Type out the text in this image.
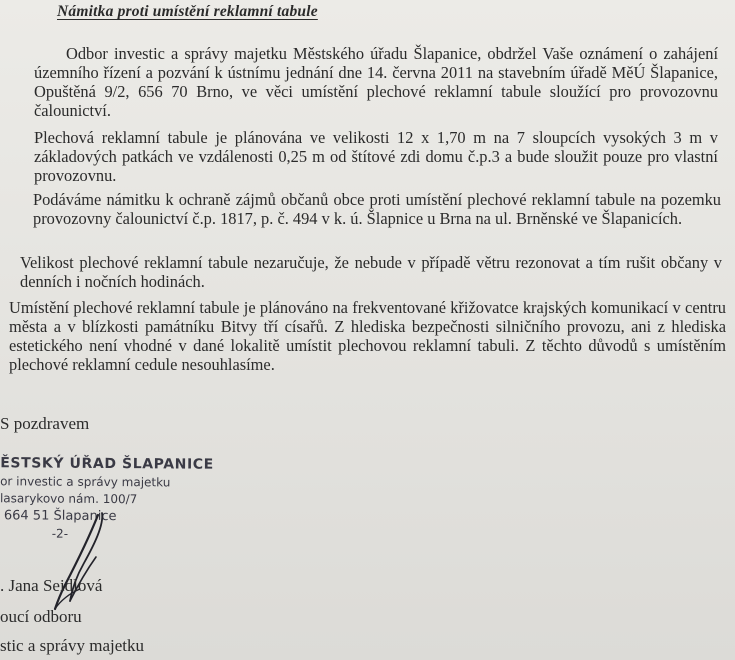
Námitka proti umístění reklamní tabule

Odbor investic a správy majetku Městského úřadu Šlapanice, obdržel Vaše oznámení o zahájení územního řízení a pozvání k ústnímu jednání dne 14. června 2011 na stavebním úřadě MěÚ Šlapanice, Opuštěná 9/2, 656 70 Brno, ve věci umístění plechové reklamní tabule sloužící pro provozovnu čalounictví.

Plechová reklamní tabule je plánována ve velikosti 12 x 1,70 m na 7 sloupcích vysokých 3 m v základových patkách ve vzdálenosti 0,25 m od štítové zdi domu č.p.3 a bude sloužit pouze pro vlastní provozovnu.

Podáváme námitku k ochraně zájmů občanů obce proti umístění plechové reklamní tabule na pozemku provozovny čalounictví č.p. 1817, p. č. 494 v k. ú. Šlapnice u Brna na ul. Brněnské ve Šlapanicích.

Velikost plechové reklamní tabule nezaručuje, že nebude v případě větru rezonovat a tím rušit občany v denních i nočních hodinách.

Umístění plechové reklamní tabule je plánováno na frekventované křižovatce krajských komunikací v centru města a v blízkosti památníku Bitvy tří císařů. Z hlediska bezpečnosti silničního provozu, ani z hlediska estetického není vhodné v dané lokalitě umístit plechovou reklamní tabuli. Z těchto důvodů s umístěním plechové reklamní cedule nesouhlasíme.

S pozdravem
ĚSTSKÝ ÚŘAD ŠLAPANICE
or investic a správy majetku
lasarykovo nám. 100/7
664 51 Šlapanice
-2-
. Jana Seidlová
oucí odboru
stic a správy majetku
